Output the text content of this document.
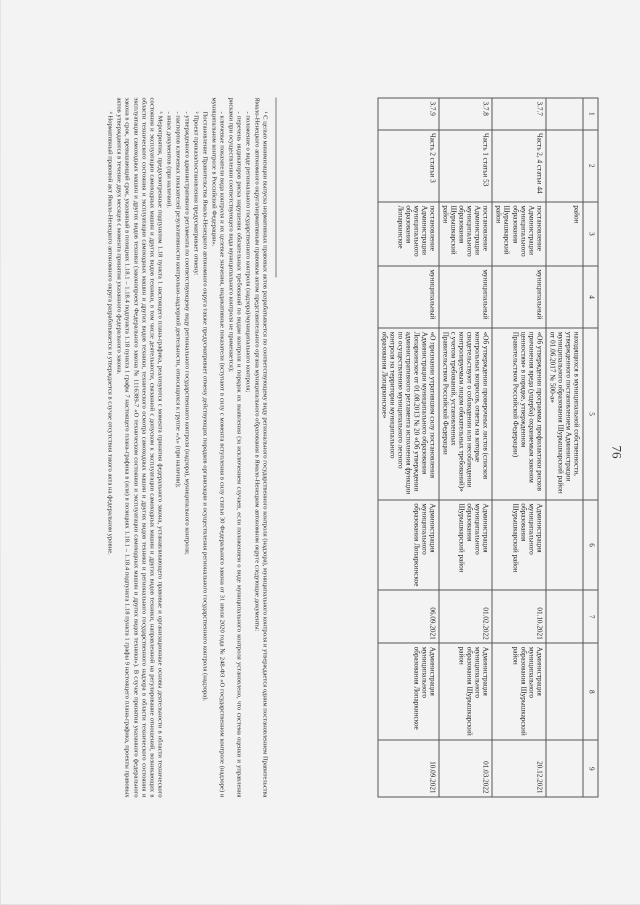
76
1	2	3	4	5	6	7	8	9
		район		находящихся в муниципальной собственности, утвержденного постановлением Администрации муниципального образования Шурышкарский район от 01.06.2017 № 500-а»				
3.7.7	Часть 2, 4 статьи 44	постановление Администрации муниципального образования Шурышкарский район	муниципальный	«Об утверждении программы профилактики рисков причинения вреда (ущерба) охраняемым законом ценностям» в порядке, утвержденном Правительством Российской Федерации)	Администрация муниципального образования Шурышкарский район	01.10.2021	Администрация муниципального образования Шурышкарский район	20.12.2021
3.7.8	Часть 1 статьи 53	постановление Администрации муниципального образования Шурышкарский район	муниципальный	«Об утверждении проверочных листов (списков контрольных вопросов, ответы на которые свидетельствуют о соблюдении или несоблюдении контролируемым лицом обязательных требований)» с учетом требований, установленных Правительством Российской Федерации	Администрация муниципального образования Шурышкарский район	01.02.2022	Администрация муниципального образования Шурышкарский район	01.03.2022
3.7.9	Часть 2 статьи 3	постановление Администрации муниципального образования Лопаркинское	муниципальный	«О признании утратившим силу постановления Администрации муниципального образования Лопаркинское от 01.08.2013 № 20 «Об утверждении административного регламента исполнения функции по осуществлению муниципального лесного контроля на территории муниципального образования Лопаркинское»	Администрация муниципального образования Лопаркинское	06.09.2021	Администрация муниципального образования Лопаркинское	10.09.2021

¹ С целью минимизации выпуска нормативных правовых актов разрабатывается по соответствующему виду регионального государственного контроля (надзора), муниципального контроля и утверждается одним постановлением Правительства Ямало-Ненецкого автономного округа/нормативным правовым актом представительного органа муниципального образования в Ямало-Ненецком автономном округе следующие документы:

- положение о виде регионального государственного контроля (надзора)/муниципального контроля;

- перечень индикаторов риска нарушения обязательных требований по видам контроля и порядок их выявления (за исключением случаев, если положением о виде муниципального контроля установлено, что система оценки и управления рисками при осуществлении соответствующего вида муниципального контроля не применяется);

- ключевые показатели вида контроля и их целевые значения, индикативные показатели (вступают в силу с момента вступления в силу статьи 30 Федерального закона от 31 июля 2020 года № 248-ФЗ «О государственном контроле (надзоре) и муниципальном контроле в Российской Федерации».

Постановление Правительства Ямало-Ненецкого автономного округа также предусматривает отмену действующих порядков организации и осуществления регионального государственного контроля (надзора).

² Проект приказа/постановления предусматривает отмену:

- утвержденного административного регламента по соответствующему виду регионального государственного контроля (надзора), муниципального контроля;

- паспортов ключевых показателей результативности контрольно-надзорной деятельности, относящихся к группе «А» (при наличии);

- иных документов (при наличии).

³ Мероприятия, предусмотренные подпунктом 1.18 пункта 1 настоящего плана-графика, реализуются с момента принятия федерального закона, устанавливающего правовые и организационные основы деятельности в области технического состояния и эксплуатации самоходных машин и других видов техники, в том числе деятельности, связанной с допуском к эксплуатации самоходных машин и других видов техники, направленной на регулирование отношений, возникающих в области технического состояния и эксплуатации самоходных машин и других видов техники, технического осмотра самоходных машин и других видов техники и регионального государственного надзора в области технического состояния и эксплуатации самоходных машин и других видов техники (законопроект Федерального закона № 1116389-7 «О техническом состоянии и эксплуатации самоходных машин и других видов техники»). В случае принятия указанного федерального закона в срок, превышающий срок, указанный в позициях 1.18.1 – 1.18.4 подпункта 1.18 пункта 1 графы 7 настоящего плана-графика в (или) в позициях 1.18.1 – 1.18.4 подпункта 1.18 пункта 1 графы 9 настоящего плана-графика, проекты правовых актов утверждаются в течение двух месяцев с момента принятия указанного федерального закона.

⁴ Нормативный правовой акт Ямало-Ненецкого автономного округа разрабатывается и утверждается в случае отсутствия такого акта на федеральном уровне.
